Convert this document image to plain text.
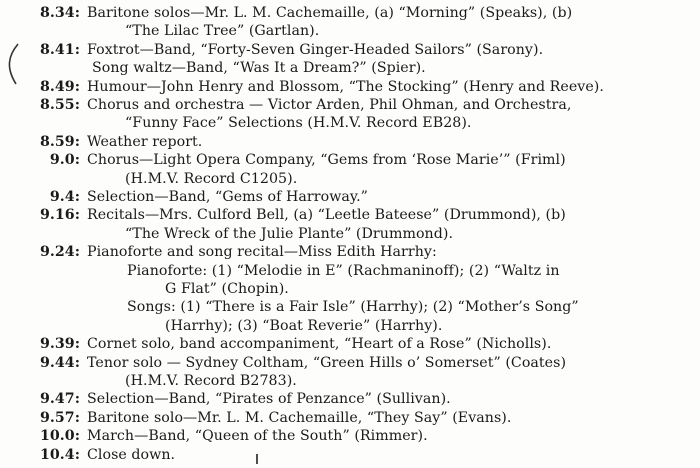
8.34: Baritone solos—Mr. L. M. Cachemaille, (a) “Morning” (Speaks), (b)
“The Lilac Tree” (Gartlan).
8.41: Foxtrot—Band, “Forty-Seven Ginger-Headed Sailors” (Sarony).
Song waltz—Band, “Was It a Dream?” (Spier).
8.49: Humour—John Henry and Blossom, “The Stocking” (Henry and Reeve).
8.55: Chorus and orchestra — Victor Arden, Phil Ohman, and Orchestra,
“Funny Face” Selections (H.M.V. Record EB28).
8.59: Weather report.
9.0: Chorus—Light Opera Company, “Gems from ‘Rose Marie’” (Friml)
(H.M.V. Record C1205).
9.4: Selection—Band, “Gems of Harroway.”
9.16: Recitals—Mrs. Culford Bell, (a) “Leetle Bateese” (Drummond), (b)
“The Wreck of the Julie Plante” (Drummond).
9.24: Pianoforte and song recital—Miss Edith Harrhy:
Pianoforte: (1) “Melodie in E” (Rachmaninoff); (2) “Waltz in
G Flat” (Chopin).
Songs: (1) “There is a Fair Isle” (Harrhy); (2) “Mother’s Song”
(Harrhy); (3) “Boat Reverie” (Harrhy).
9.39: Cornet solo, band accompaniment, “Heart of a Rose” (Nicholls).
9.44: Tenor solo — Sydney Coltham, “Green Hills o’ Somerset” (Coates)
(H.M.V. Record B2783).
9.47: Selection—Band, “Pirates of Penzance” (Sullivan).
9.57: Baritone solo—Mr. L. M. Cachemaille, “They Say” (Evans).
10.0: March—Band, “Queen of the South” (Rimmer).
10.4: Close down.
